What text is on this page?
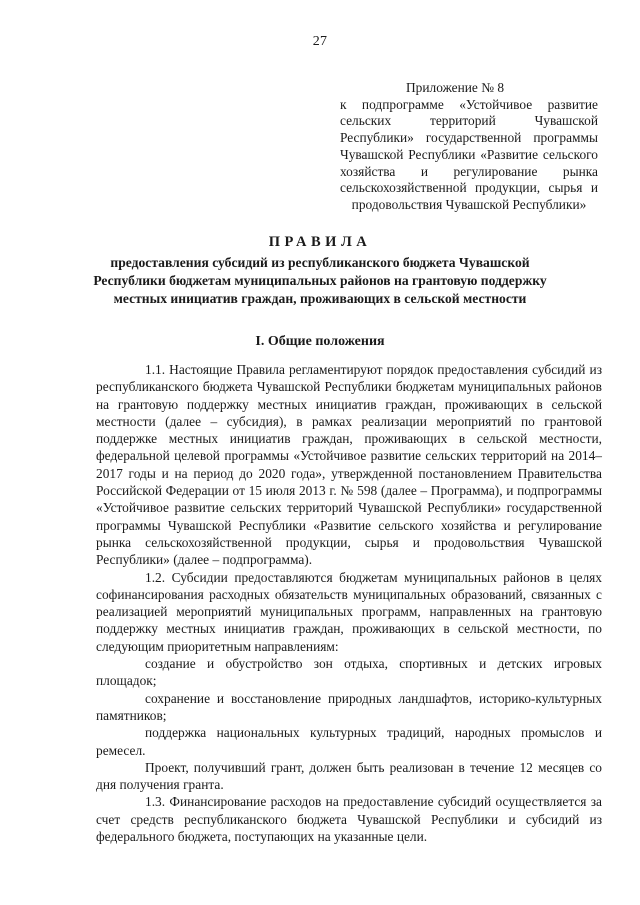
27
Приложение № 8

к подпрограмме «Устойчивое развитие сельских территорий Чувашской Республики» государственной программы Чувашской Республики «Развитие сельского хозяйства и регулирование рынка сельскохозяйственной продукции, сырья и продовольствия Чувашской Республики»

ПРАВИЛА
предоставления субсидий из республиканского бюджета Чувашской Республики бюджетам муниципальных районов на грантовую поддержку местных инициатив граждан, проживающих в сельской местности
I. Общие положения

1.1. Настоящие Правила регламентируют порядок предоставления субсидий из республиканского бюджета Чувашской Республики бюджетам муниципальных районов на грантовую поддержку местных инициатив граждан, проживающих в сельской местности (далее – субсидия), в рамках реализации мероприятий по грантовой поддержке местных инициатив граждан, проживающих в сельской местности, федеральной целевой программы «Устойчивое развитие сельских территорий на 2014–2017 годы и на период до 2020 года», утвержденной постановлением Правительства Российской Федерации от 15 июля 2013 г. № 598 (далее – Программа), и подпрограммы «Устойчивое развитие сельских территорий Чувашской Республики» государственной программы Чувашской Республики «Развитие сельского хозяйства и регулирование рынка сельскохозяйственной продукции, сырья и продовольствия Чувашской Республики» (далее – подпрограмма).

1.2. Субсидии предоставляются бюджетам муниципальных районов в целях софинансирования расходных обязательств муниципальных образований, связанных с реализацией мероприятий муниципальных программ, направленных на грантовую поддержку местных инициатив граждан, проживающих в сельской местности, по следующим приоритетным направлениям:

создание и обустройство зон отдыха, спортивных и детских игровых площадок;

сохранение и восстановление природных ландшафтов, историко-культурных памятников;

поддержка национальных культурных традиций, народных промыслов и ремесел.

Проект, получивший грант, должен быть реализован в течение 12 месяцев со дня получения гранта.

1.3. Финансирование расходов на предоставление субсидий осуществляется за счет средств республиканского бюджета Чувашской Республики и субсидий из федерального бюджета, поступающих на указанные цели.
